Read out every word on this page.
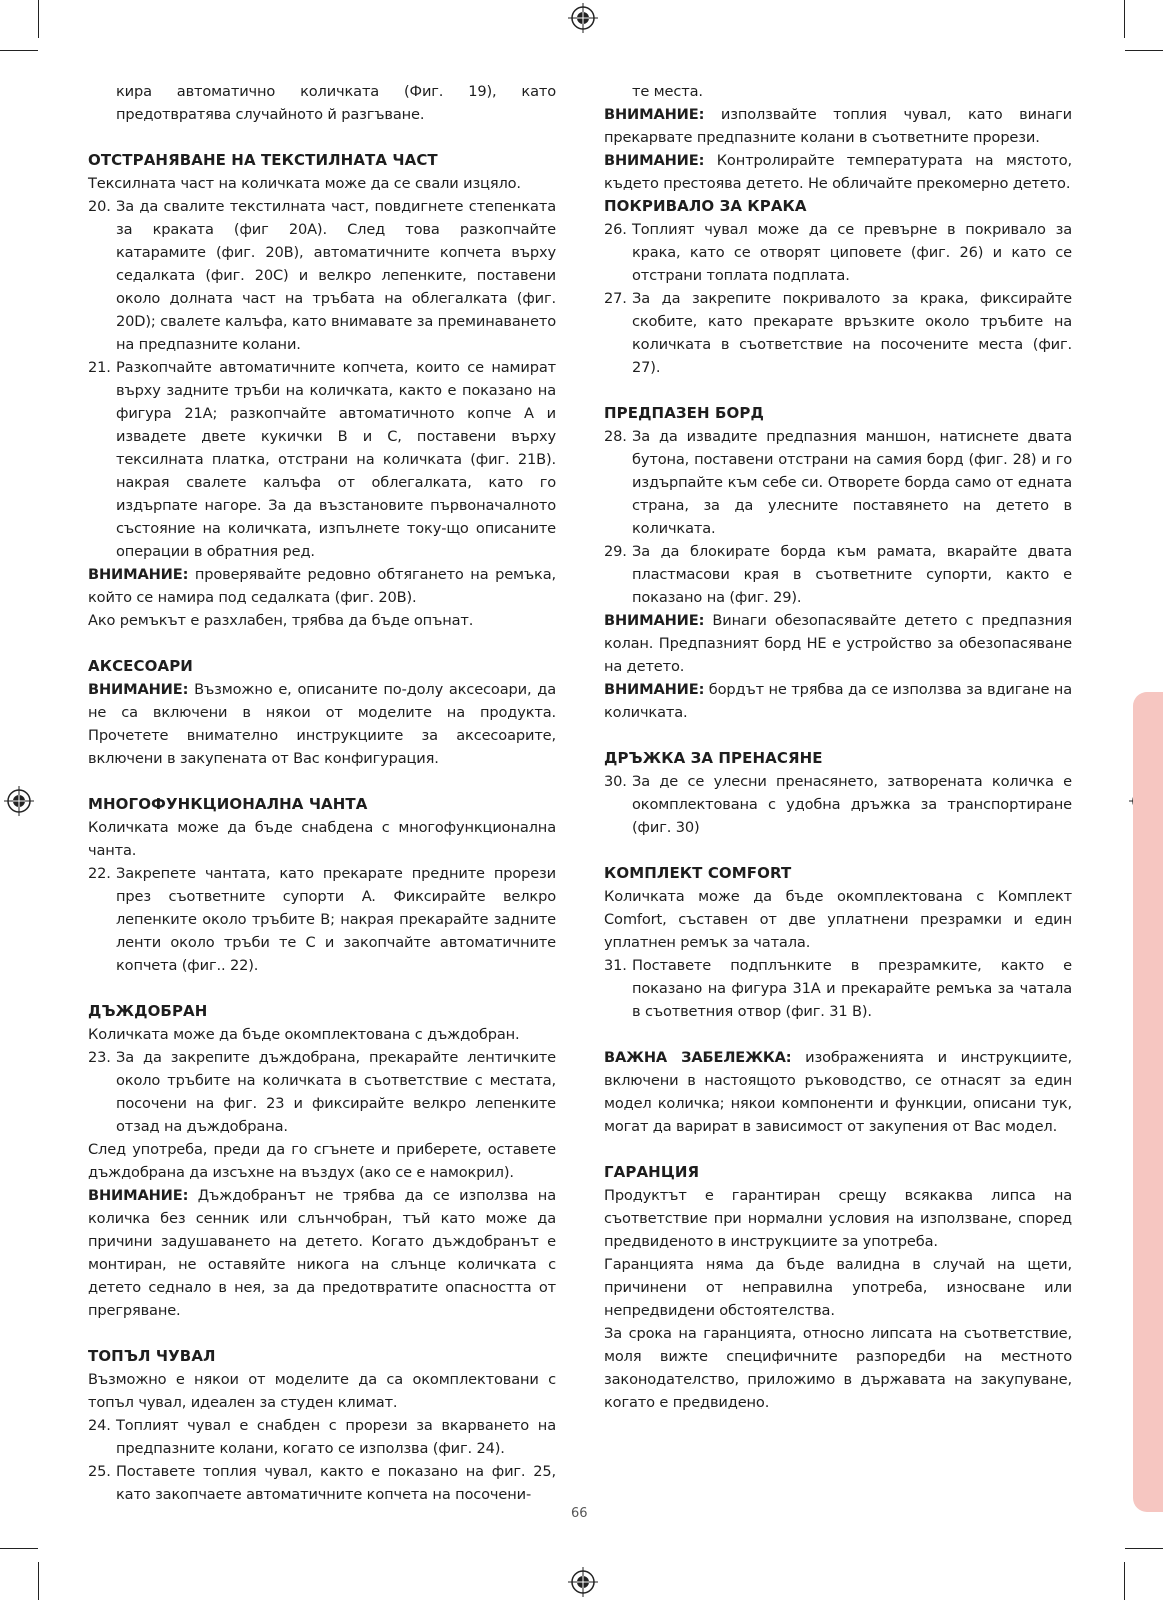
кира автоматично количката (Фиг. 19), като предотвратява случайното й разгъване.

ОТСТРАНЯВАНЕ НА ТЕКСТИЛНАТА ЧАСТ

Тексилната част на количката може да се свали изцяло.

20. За да свалите текстилната част, повдигнете степенката за краката (фиг 20A). След това разкопчайте катарамите (фиг. 20B), автоматичните копчета върху седалката (фиг. 20C) и велкро лепенките, поставени около долната част на тръбата на облегалката (фиг. 20D); свалете калъфа, като внимавате за преминаването на предпазните колани.
21. Разкопчайте автоматичните копчета, които се намират върху задните тръби на количката, както е показано на фигура 21A; разкопчайте автоматичното копче A и извадете двете кукички B и C, поставени върху тексилната платка, отстрани на количката (фиг. 21B). накрая свалете калъфа от облегалката, като го издърпате нагоре. За да възстановите първоначалното състояние на количката, изпълнете току-що описаните операции в обратния ред.

ВНИМАНИЕ: проверявайте редовно обтягането на ремъка, който се намира под седалката (фиг. 20B).

Ако ремъкът е разхлабен, трябва да бъде опънат.

АКСЕСОАРИ

ВНИМАНИЕ: Възможно е, описаните по-долу аксесоари, да не са включени в някои от моделите на продукта. Прочетете внимателно инструкциите за аксесоарите, включени в закупената от Вас конфигурация.

МНОГОФУНКЦИОНАЛНА ЧАНТА

Количката може да бъде снабдена с многофункционална чанта.

22. Закрепете чантата, като прекарате предните прорези през съответните супорти A. Фиксирайте велкро лепенките около тръбите B; накрая прекарайте задните ленти около тръби те C и закопчайте автоматичните копчета (фиг.. 22).
ДЪЖДОБРАН

Количката може да бъде окомплектована с дъждобран.

23. За да закрепите дъждобрана, прекарайте лентичките около тръбите на количката в съответствие с местата, посочени на фиг. 23 и фиксирайте велкро лепенките отзад на дъждобрана.

След употреба, преди да го сгънете и приберете, оставете дъждобрана да изсъхне на въздух (ако се е намокрил).

ВНИМАНИЕ: Дъждобранът не трябва да се използва на количка без сенник или слънчобран, тъй като може да причини задушаването на детето. Когато дъждобранът е монтиран, не оставяйте никога на слънце количката с детето седнало в нея, за да предотвратите опасността от прегряване.

ТОПЪЛ ЧУВАЛ

Възможно е някои от моделите да са окомплектовани с топъл чувал, идеален за студен климат.

24. Топлият чувал е снабден с прорези за вкарването на предпазните колани, когато се използва (фиг. 24).
25. Поставете топлия чувал, както е показано на фиг. 25, като закопчаете автоматичните копчета на посочени-

те места.

ВНИМАНИЕ: използвайте топлия чувал, като винаги прекарвате предпазните колани в съответните прорези.

ВНИМАНИЕ: Контролирайте температурата на мястото, където престоява детето. Не обличайте прекомерно детето.

ПОКРИВАЛО ЗА КРАКА
26. Топлият чувал може да се превърне в покривало за крака, като се отворят циповете (фиг. 26) и като се отстрани топлата подплата.
27. За да закрепите покривалото за крака, фиксирайте скобите, като прекарате връзките около тръбите на количката в съответствие на посочените места (фиг. 27).
ПРЕДПАЗЕН БОРД
28. За да извадите предпазния маншон, натиснете двата бутона, поставени отстрани на самия борд (фиг. 28) и го издърпайте към себе си. Отворете борда само от едната страна, за да улесните поставянето на детето в количката.
29. За да блокирате борда към рамата, вкарайте двата пластмасови края в съответните супорти, както е показано на (фиг. 29).

ВНИМАНИЕ: Винаги обезопасявайте детето с предпазния колан. Предпазният борд НЕ е устройство за обезопасяване на детето.

ВНИМАНИЕ: бордът не трябва да се използва за вдигане на количката.

ДРЪЖКА ЗА ПРЕНАСЯНЕ
30. За де се улесни пренасянето, затворената количка е окомплектована с удобна дръжка за транспортиране (фиг. 30)
КОМПЛЕКТ COMFORT

Количката може да бъде окомплектована с Комплект Comfort, съставен от две уплатнени презрамки и един уплатнен ремък за чатала.

31. Поставете подплънките в презрамките, както е показано на фигура 31A и прекарайте ремъка за чатала в съответния отвор (фиг. 31 B).

ВАЖНА ЗАБЕЛЕЖКА: изображенията и инструкциите, включени в настоящото ръководство, се отнасят за един модел количка; някои компоненти и функции, описани тук, могат да варират в зависимост от закупения от Вас модел.

ГАРАНЦИЯ

Продуктът е гарантиран срещу всякаква липса на съответствие при нормални условия на използване, според предвиденото в инструкциите за употреба.

Гаранцията няма да бъде валидна в случай на щети, причинени от неправилна употреба, износване или непредвидени обстоятелства.

За срока на гаранцията, относно липсата на съответствие, моля вижте специфичните разпоредби на местното законодателство, приложимо в държавата на закупуване, когато е предвидено.

66
